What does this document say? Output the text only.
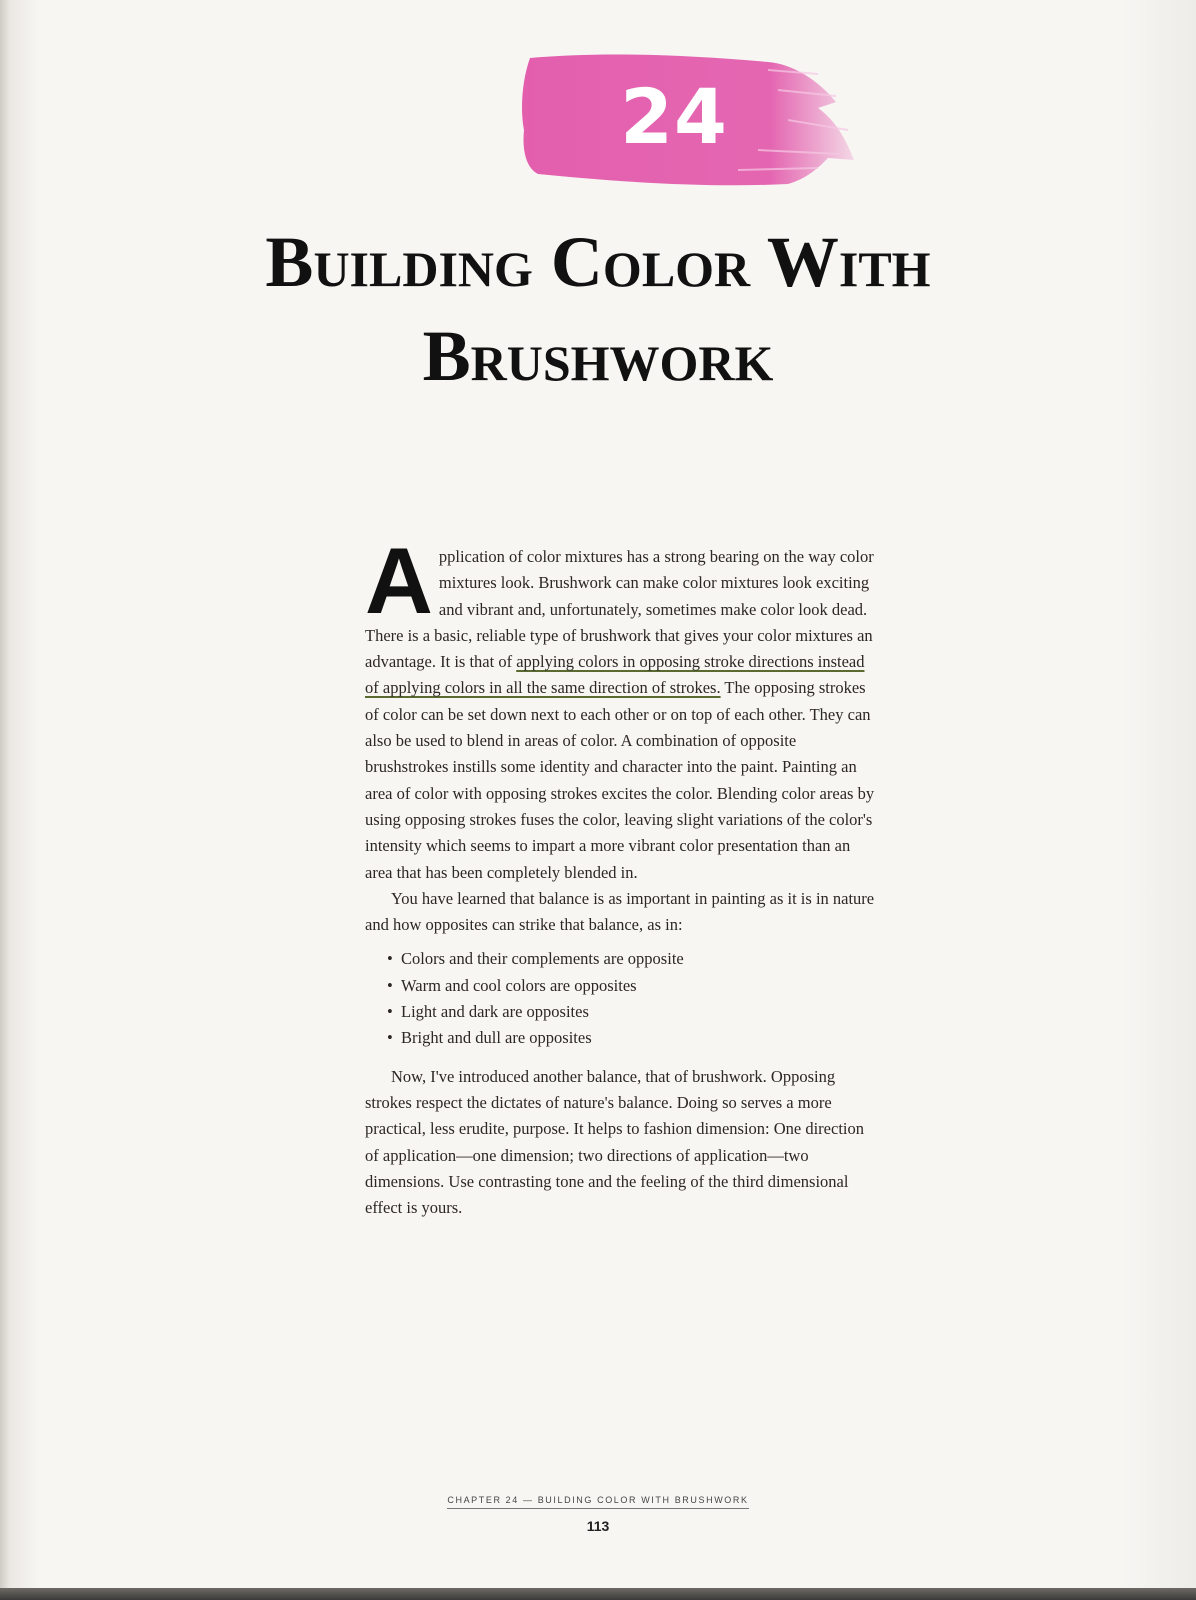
24
Building Color With
Brushwork

Application of color mixtures has a strong bearing on the way color mixtures look. Brushwork can make color mixtures look exciting and vibrant and, unfortunately, sometimes make color look dead. There is a basic, reliable type of brushwork that gives your color mixtures an advantage. It is that of applying colors in opposing stroke directions instead of applying colors in all the same direction of strokes. The opposing strokes of color can be set down next to each other or on top of each other. They can also be used to blend in areas of color. A combination of opposite brushstrokes instills some identity and character into the paint. Painting an area of color with opposing strokes excites the color. Blending color areas by using opposing strokes fuses the color, leaving slight variations of the color's intensity which seems to impart a more vibrant color presentation than an area that has been completely blended in.

You have learned that balance is as important in painting as it is in nature and how opposites can strike that balance, as in:

• Colors and their complements are opposite
• Warm and cool colors are opposites
• Light and dark are opposites
• Bright and dull are opposites

Now, I've introduced another balance, that of brushwork. Opposing strokes respect the dictates of nature's balance. Doing so serves a more practical, less erudite, purpose. It helps to fashion dimension: One direction of application—one dimension; two directions of application—two dimensions. Use contrasting tone and the feeling of the third dimensional effect is yours.

CHAPTER 24 — BUILDING COLOR WITH BRUSHWORK
113
